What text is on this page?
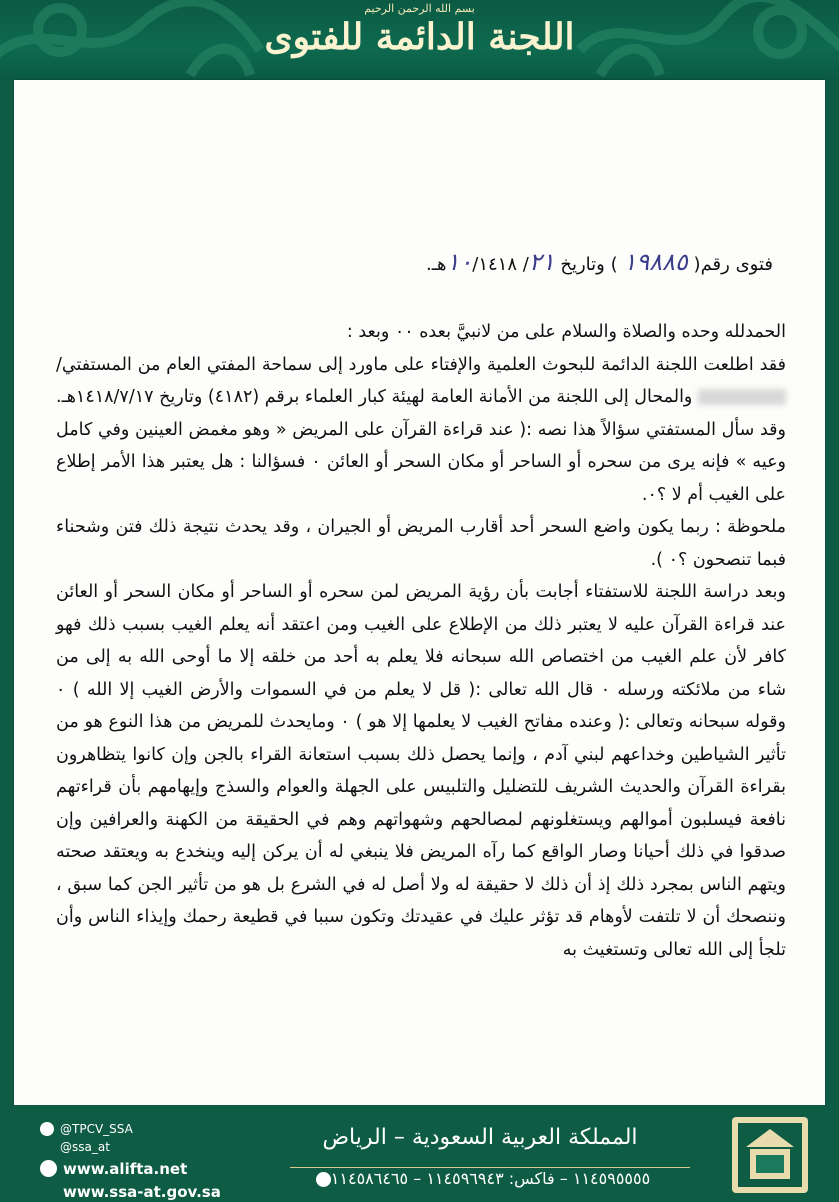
بسم الله الرحمن الرحيم
اللجنة الدائمة للفتوى
فتوى رقم( ١٩٨٨٥ ) وتاريخ ٢١/ ١٠/١٤١٨هـ.

الحمدلله وحده والصلاة والسلام على من لانبيَّ بعده ٠٠ وبعد :

فقد اطلعت اللجنة الدائمة للبحوث العلمية والإفتاء على ماورد إلى سماحة المفتي العام من المستفتي/  والمحال إلى اللجنة من الأمانة العامة لهيئة كبار العلماء برقم (٤١٨٢) وتاريخ ١٤١٨/٧/١٧هـ. وقد سأل المستفتي سؤالاً هذا نصه :( عند قراءة القرآن على المريض « وهو مغمض العينين وفي كامل وعيه » فإنه يرى من سحره أو الساحر أو مكان السحر أو العائن ٠ فسؤالنا : هل يعتبر هذا الأمر إطلاع على الغيب أم لا ؟٠.

ملحوظة : ربما يكون واضع السحر أحد أقارب المريض أو الجيران ، وقد يحدث نتيجة ذلك فتن وشحناء فبما تنصحون ؟٠ ).

وبعد دراسة اللجنة للاستفتاء أجابت بأن رؤية المريض لمن سحره أو الساحر أو مكان السحر أو العائن عند قراءة القرآن عليه لا يعتبر ذلك من الإطلاع على الغيب ومن اعتقد أنه يعلم الغيب بسبب ذلك فهو كافر لأن علم الغيب من اختصاص الله سبحانه فلا يعلم به أحد من خلقه إلا ما أوحى الله به إلى من شاء من ملائكته ورسله ٠ قال الله تعالى :( قل لا يعلم من في السموات والأرض الغيب إلا الله ) ٠ وقوله سبحانه وتعالى :( وعنده مفاتح الغيب لا يعلمها إلا هو ) ٠ ومايحدث للمريض من هذا النوع هو من تأثير الشياطين وخداعهم لبني آدم ، وإنما يحصل ذلك بسبب استعانة القراء بالجن وإن كانوا يتظاهرون بقراءة القرآن والحديث الشريف للتضليل والتلبيس على الجهلة والعوام والسذج وإيهامهم بأن قراءتهم نافعة فيسلبون أموالهم ويستغلونهم لمصالحهم وشهواتهم وهم في الحقيقة من الكهنة والعرافين وإن صدقوا في ذلك أحيانا وصار الواقع كما رآه المريض فلا ينبغي له أن يركن إليه وينخدع به ويعتقد صحته ويتهم الناس بمجرد ذلك إذ أن ذلك لا حقيقة له ولا أصل له في الشرع بل هو من تأثير الجن كما سبق ، وننصحك أن لا تلتفت لأوهام قد تؤثر عليك في عقيدتك وتكون سببا في قطيعة رحمك وإيذاء الناس وأن تلجأ إلى الله تعالى وتستغيث به

@TPCV_SSA
@ssa_at
www.alifta.net
www.ssa-at.gov.sa
المملكة العربية السعودية – الرياض
١١٤٥٩٥٥٥٥ – فاكس: ١١٤٥٩٦٩٤٣ – ١١٤٥٨٦٤٦٥
